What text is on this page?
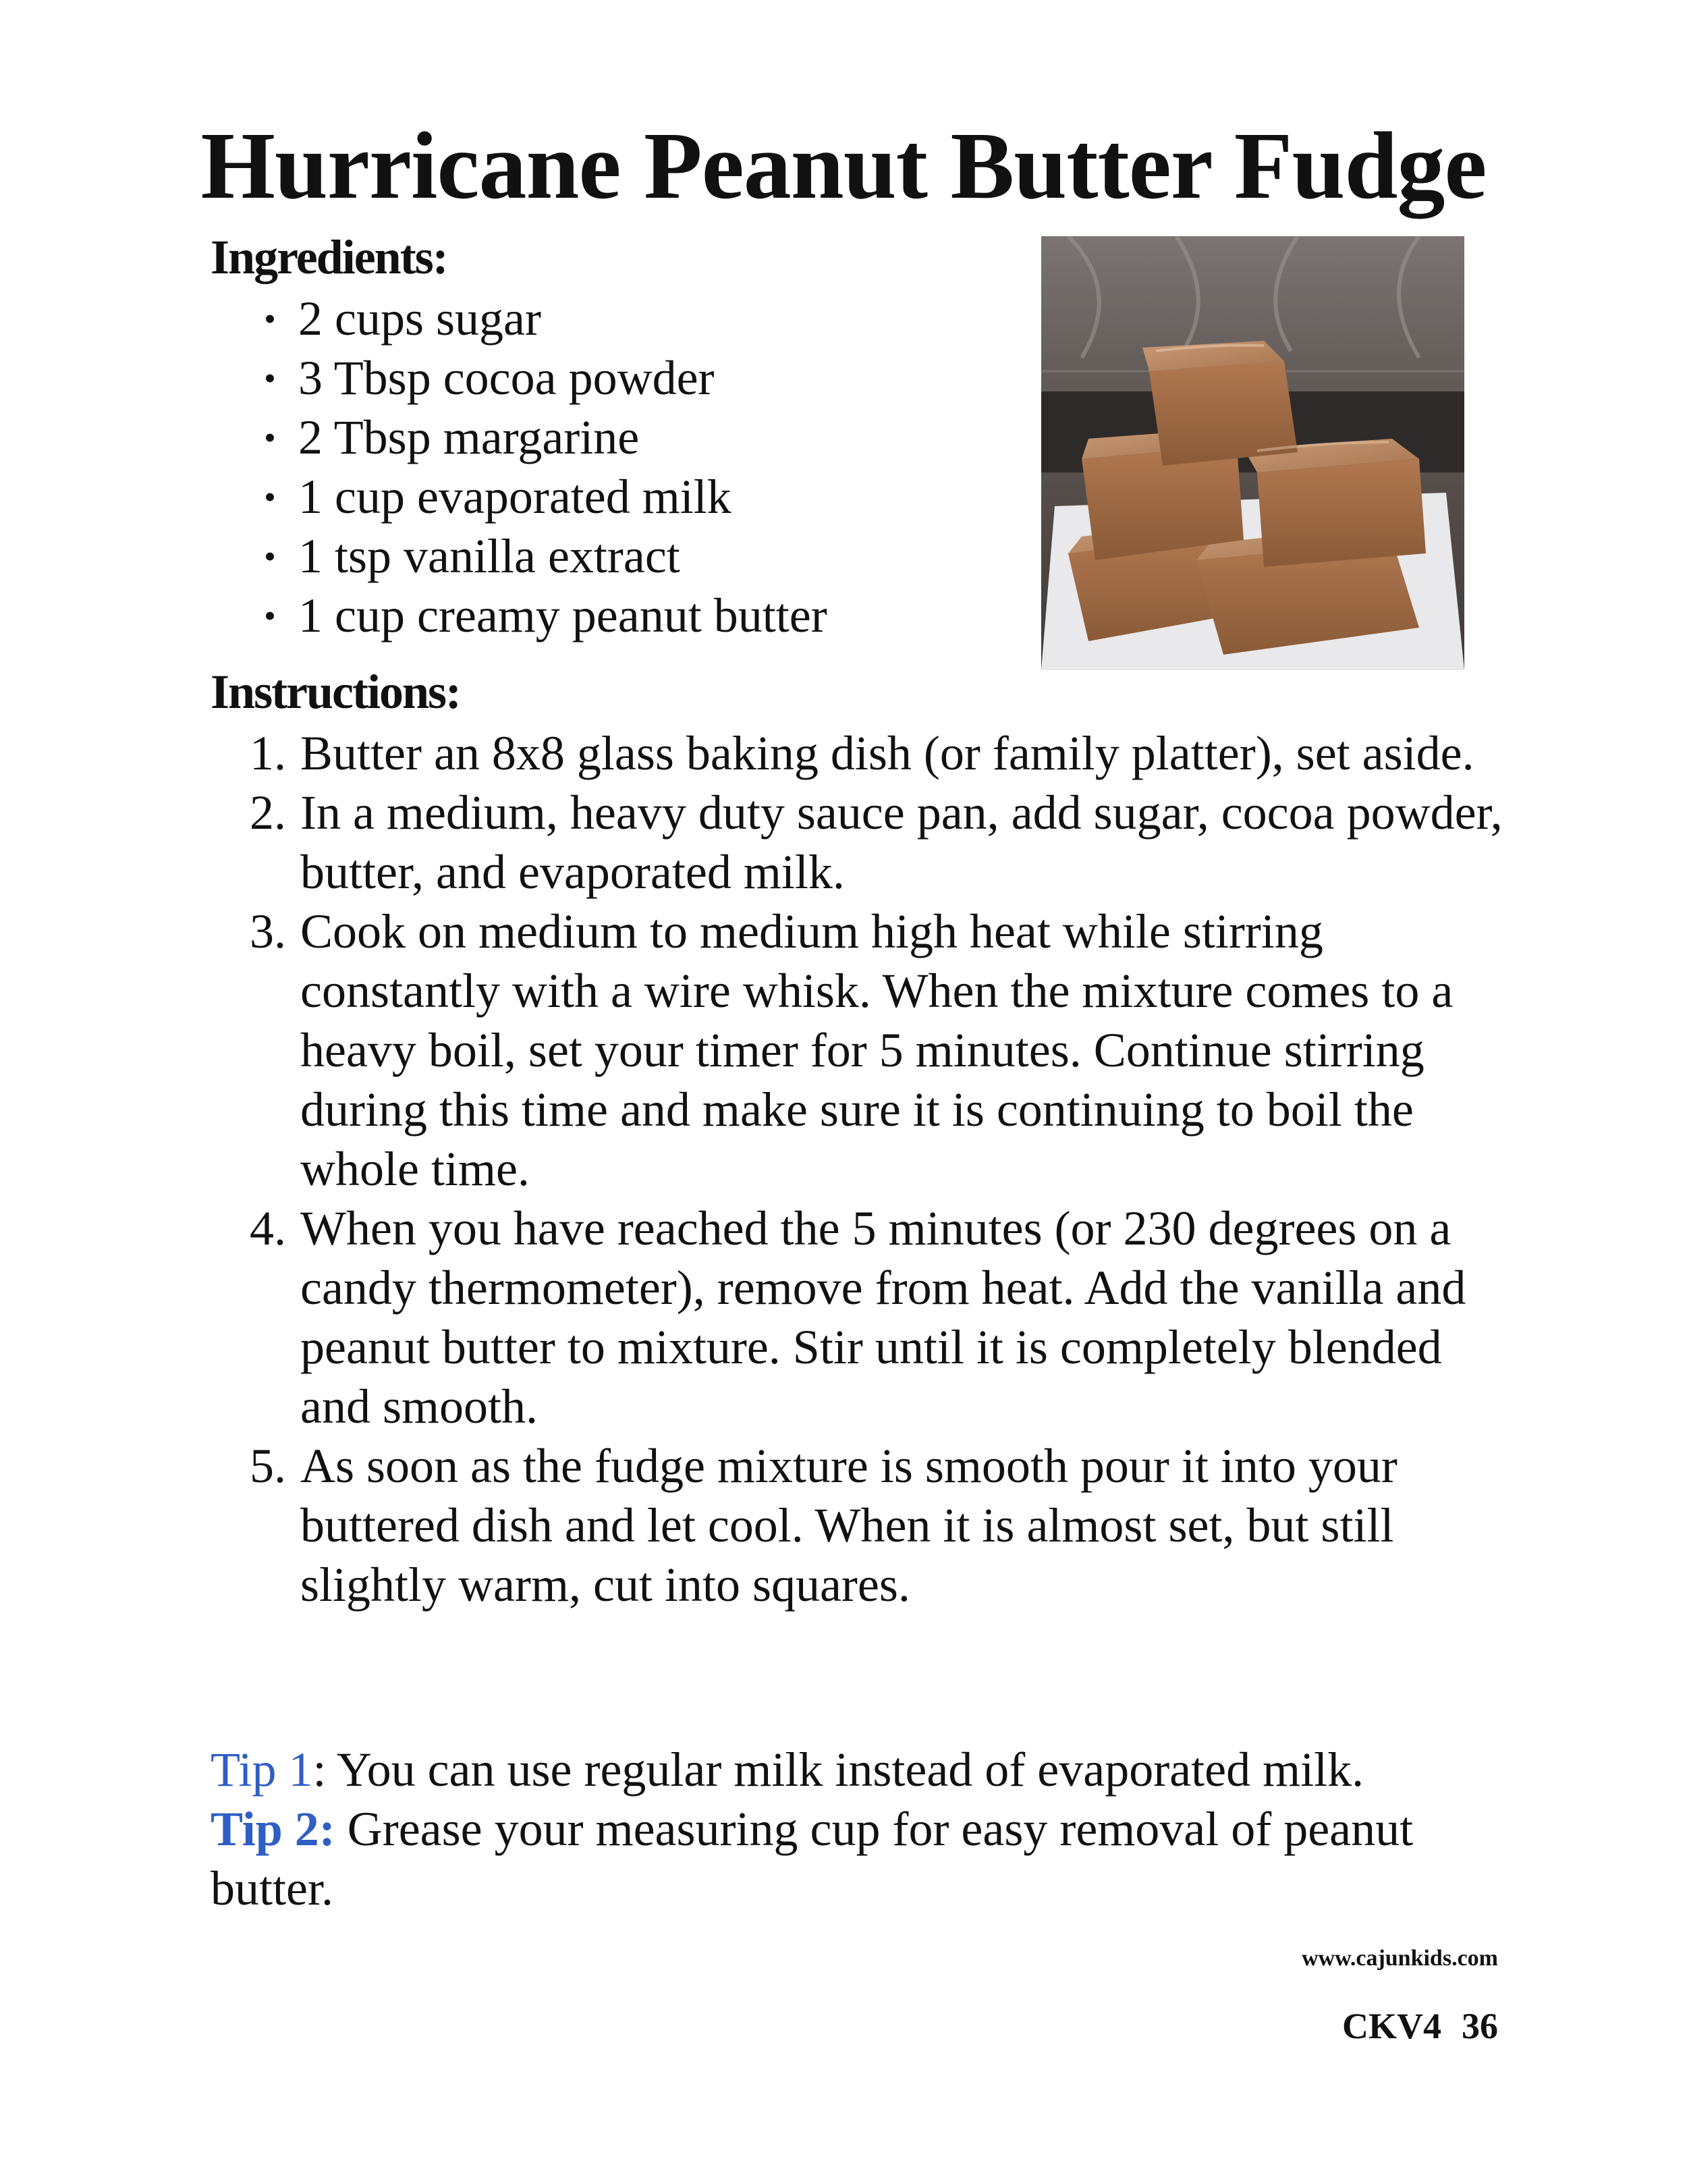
Hurricane Peanut Butter Fudge
Ingredients:
• 2 cups sugar
• 3 Tbsp cocoa powder
• 2 Tbsp margarine
• 1 cup evaporated milk
• 1 tsp vanilla extract
• 1 cup creamy peanut butter
Instructions:
1. Butter an 8x8 glass baking dish (or family platter), set aside.
2. In a medium, heavy duty sauce pan, add sugar, cocoa powder, butter, and evaporated milk.
3. Cook on medium to medium high heat while stirring constantly with a wire whisk. When the mixture comes to a heavy boil, set your timer for 5 minutes. Continue stirring during this time and make sure it is continuing to boil the whole time.
4. When you have reached the 5 minutes (or 230 degrees on a candy thermometer), remove from heat. Add the vanilla and peanut butter to mixture. Stir until it is completely blended and smooth.
5. As soon as the fudge mixture is smooth pour it into your buttered dish and let cool. When it is almost set, but still slightly warm, cut into squares.

Tip 1: You can use regular milk instead of evaporated milk.

Tip 2: Grease your measuring cup for easy removal of peanut butter.

www.cajunkids.com
CKV4 36
